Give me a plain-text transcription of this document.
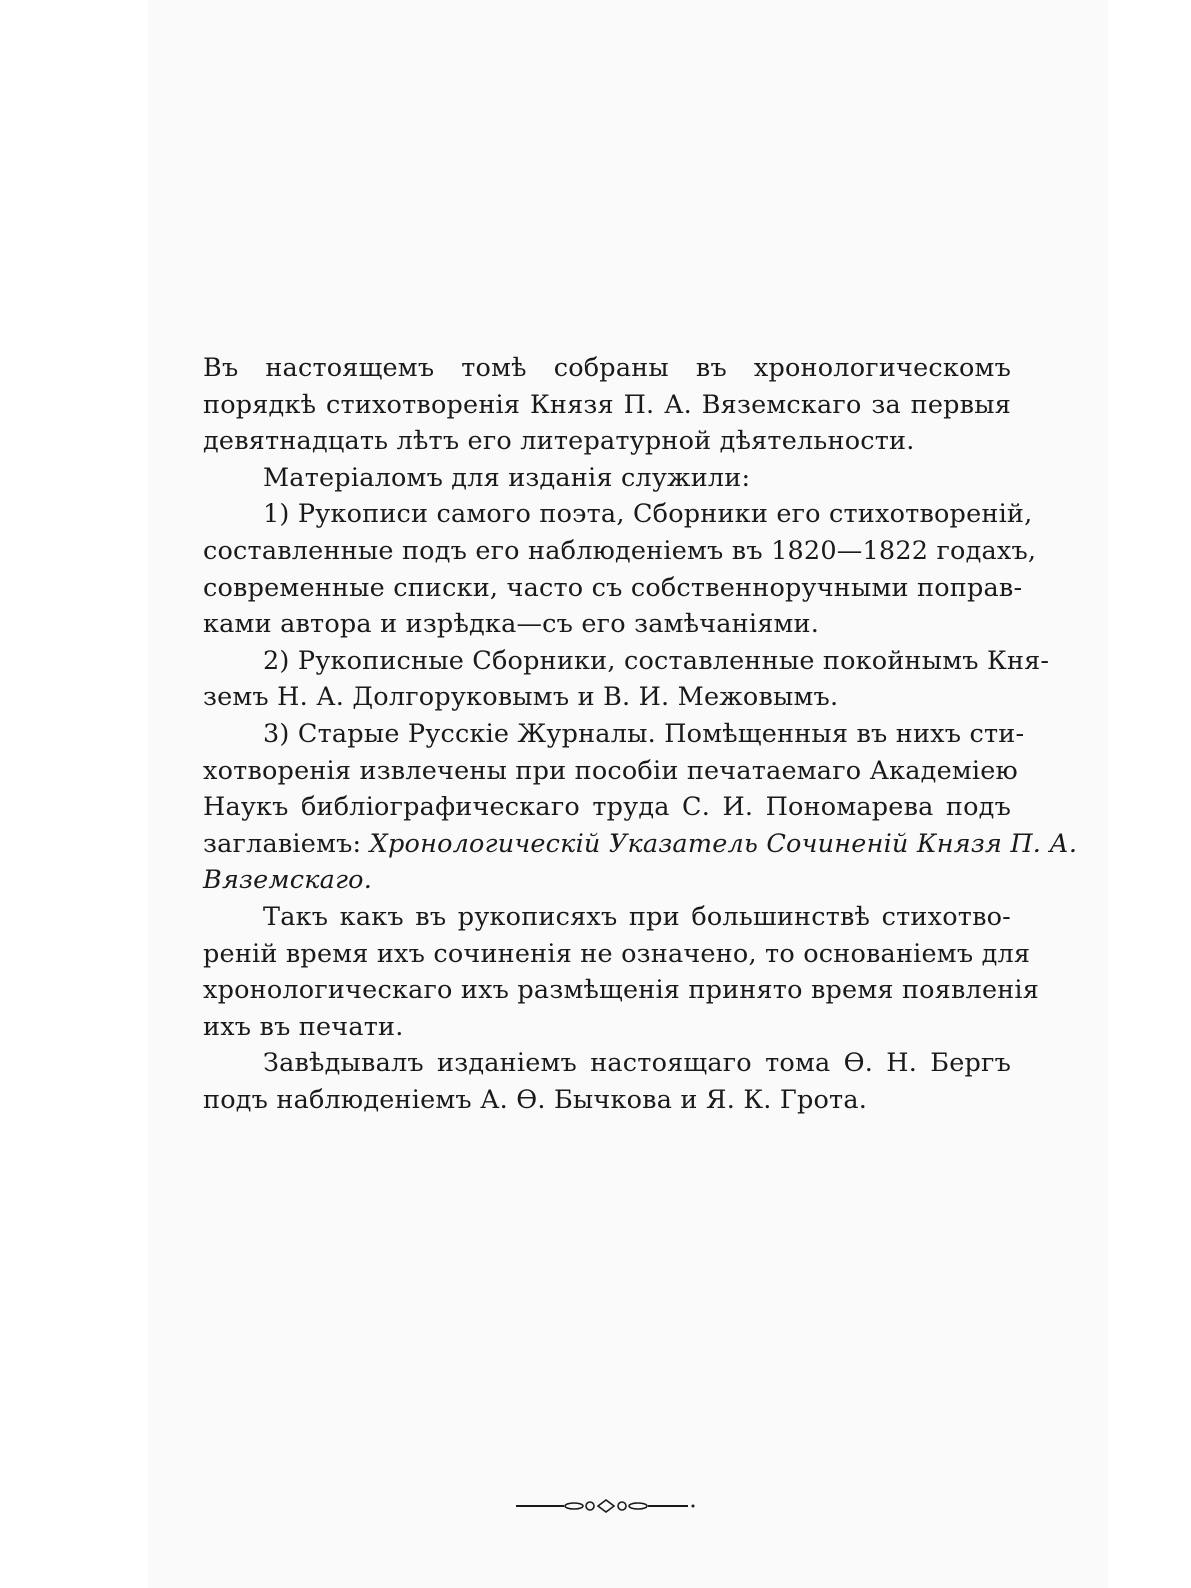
Въ настоящемъ томѣ собраны въ хронологическомъ
порядкѣ стихотворенія Князя П. А. Вяземскаго за первыя
девятнадцать лѣтъ его литературной дѣятельности.
Матеріаломъ для изданія служили:
1) Рукописи самого поэта, Сборники его стихотвореній,
составленные подъ его наблюденіемъ въ 1820—1822 годахъ,
современные списки, часто съ собственноручными поправ-
ками автора и изрѣдка—съ его замѣчаніями.
2) Рукописные Сборники, составленные покойнымъ Кня-
земъ Н. А. Долгоруковымъ и В. И. Межовымъ.
3) Старые Русскіе Журналы. Помѣщенныя въ нихъ сти-
хотворенія извлечены при пособіи печатаемаго Академіею
Наукъ библіографическаго труда С. И. Пономарева подъ
заглавіемъ: Хронологическій Указатель Сочиненій Князя П. А.
Вяземскаго.
Такъ какъ въ рукописяхъ при большинствѣ стихотво-
реній время ихъ сочиненія не означено, то основаніемъ для
хронологическаго ихъ размѣщенія принято время появленія
ихъ въ печати.
Завѣдывалъ изданіемъ настоящаго тома Ѳ. Н. Бергъ
подъ наблюденіемъ А. Ѳ. Бычкова и Я. К. Грота.
